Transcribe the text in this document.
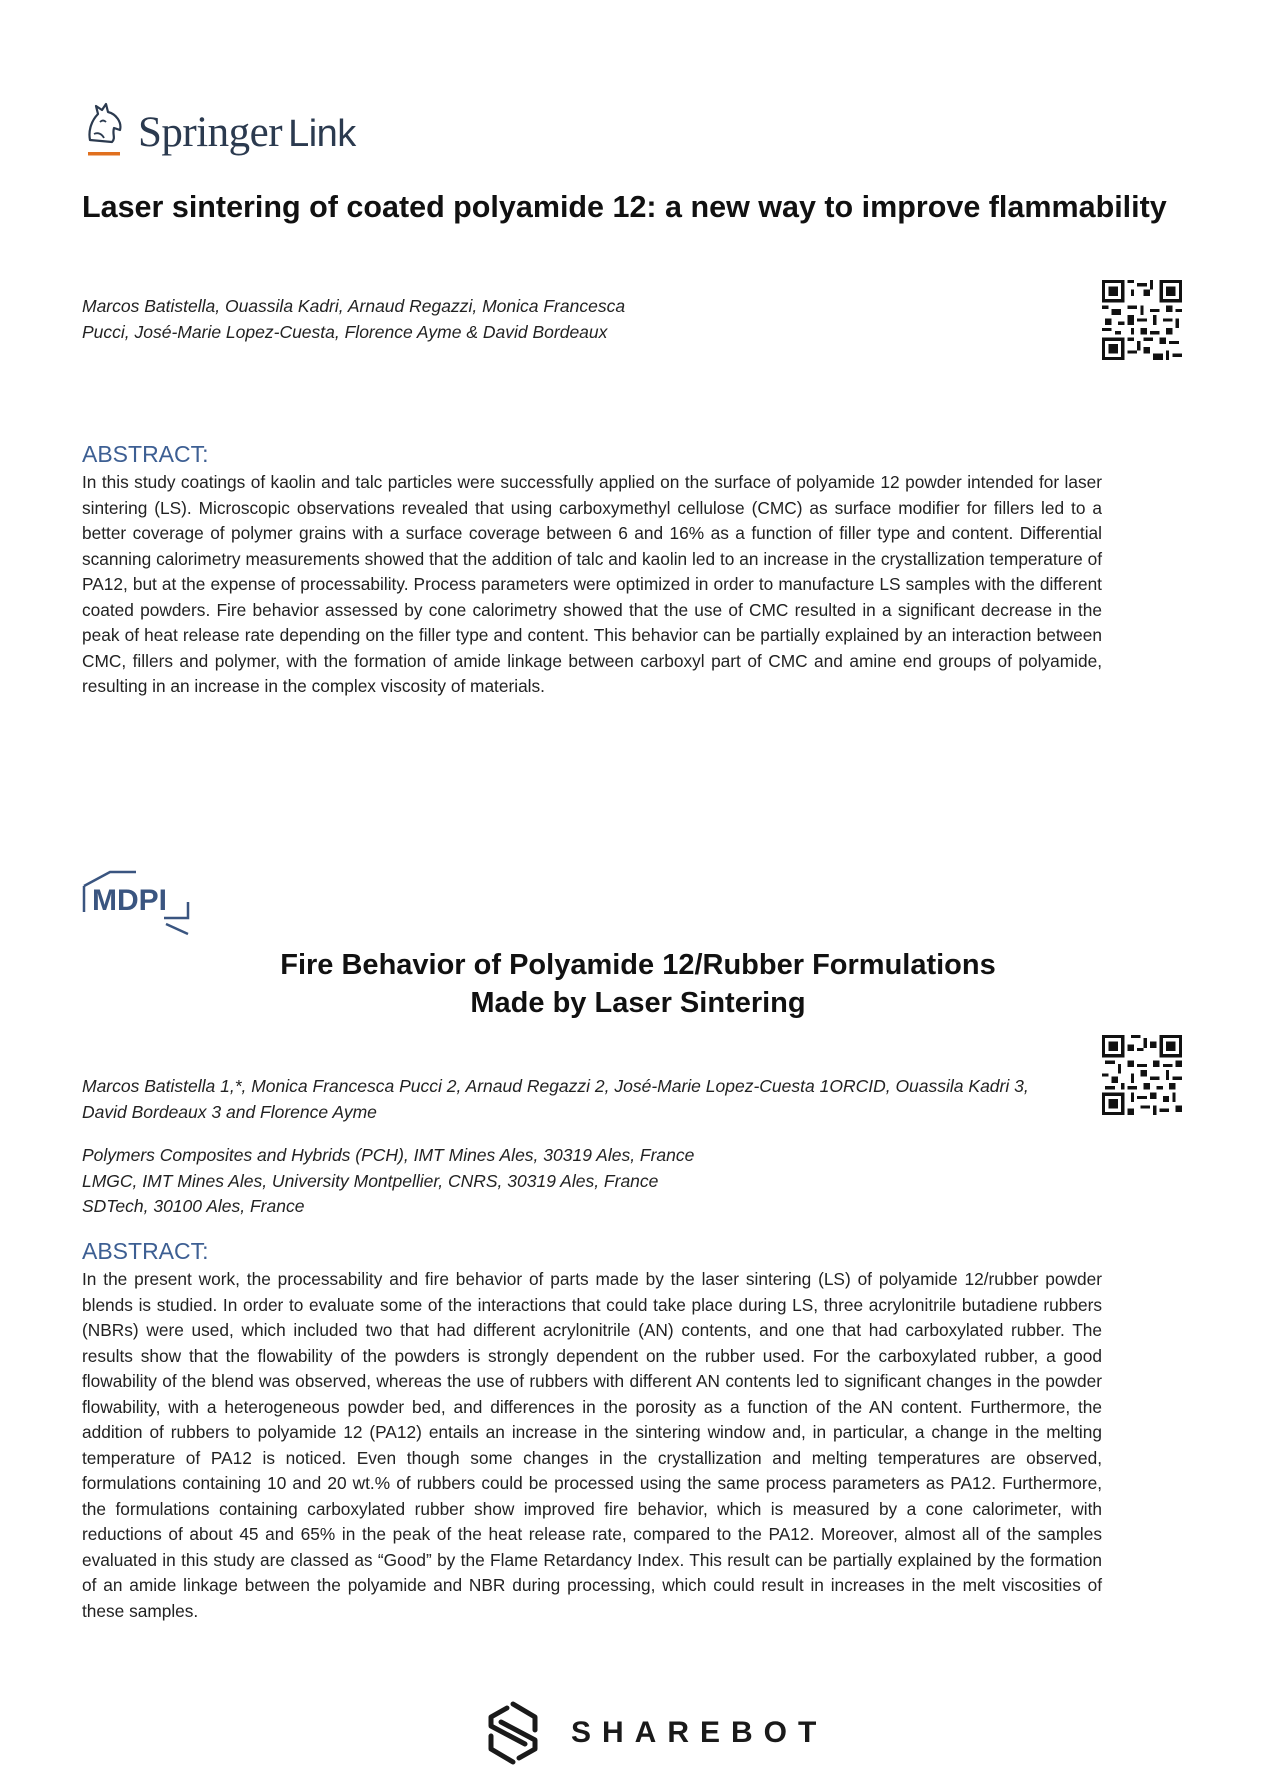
Springer Link
Laser sintering of coated polyamide 12: a new way to improve flammability
Marcos Batistella, Ouassila Kadri, Arnaud Regazzi, Monica Francesca Pucci, José-Marie Lopez-Cuesta, Florence Ayme & David Bordeaux
ABSTRACT:
In this study coatings of kaolin and talc particles were successfully applied on the surface of polyamide 12 powder intended for laser sintering (LS). Microscopic observations revealed that using carboxymethyl cellulose (CMC) as surface modifier for fillers led to a better coverage of polymer grains with a surface coverage between 6 and 16% as a function of filler type and content. Differential scanning calorimetry measurements showed that the addition of talc and kaolin led to an increase in the crystallization temperature of PA12, but at the expense of processability. Process parameters were optimized in order to manufacture LS samples with the different coated powders. Fire behavior assessed by cone calorimetry showed that the use of CMC resulted in a significant decrease in the peak of heat release rate depending on the filler type and content. This behavior can be partially explained by an interaction between CMC, fillers and polymer, with the formation of amide linkage between carboxyl part of CMC and amine end groups of polyamide, resulting in an increase in the complex viscosity of materials.
MDPI
Fire Behavior of Polyamide 12/Rubber Formulations
Made by Laser Sintering
Marcos Batistella 1,*, Monica Francesca Pucci 2, Arnaud Regazzi 2, José-Marie Lopez-Cuesta 1ORCID, Ouassila Kadri 3, David Bordeaux 3 and Florence Ayme
Polymers Composites and Hybrids (PCH), IMT Mines Ales, 30319 Ales, France
LMGC, IMT Mines Ales, University Montpellier, CNRS, 30319 Ales, France
SDTech, 30100 Ales, France
ABSTRACT:
In the present work, the processability and fire behavior of parts made by the laser sintering (LS) of polyamide 12/rubber powder blends is studied. In order to evaluate some of the interactions that could take place during LS, three acrylonitrile butadiene rubbers (NBRs) were used, which included two that had different acrylonitrile (AN) contents, and one that had carboxylated rubber. The results show that the flowability of the powders is strongly dependent on the rubber used. For the carboxylated rubber, a good flowability of the blend was observed, whereas the use of rubbers with different AN contents led to significant changes in the powder flowability, with a heterogeneous powder bed, and differences in the porosity as a function of the AN content. Furthermore, the addition of rubbers to polyamide 12 (PA12) entails an increase in the sintering window and, in particular, a change in the melting temperature of PA12 is noticed. Even though some changes in the crystallization and melting temperatures are observed, formulations containing 10 and 20 wt.% of rubbers could be processed using the same process parameters as PA12. Furthermore, the formulations containing carboxylated rubber show improved fire behavior, which is measured by a cone calorimeter, with reductions of about 45 and 65% in the peak of the heat release rate, compared to the PA12. Moreover, almost all of the samples evaluated in this study are classed as “Good” by the Flame Retardancy Index. This result can be partially explained by the formation of an amide linkage between the polyamide and NBR during processing, which could result in increases in the melt viscosities of these samples.
SHAREBOT
